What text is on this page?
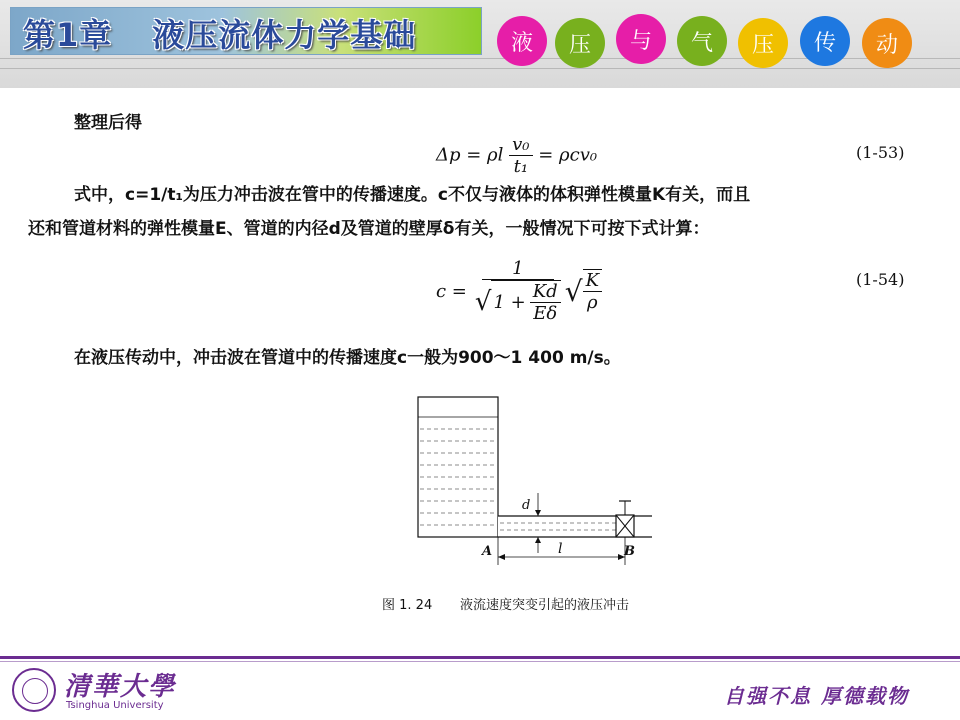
第1章 液压流体力学基础	液 压 与 气 压 传 动
整理后得
Δp = ρl $\frac{\text{v₀}}{\text{t₁}} = \rho cv_0$	(1-53)
式中，c=1/t₁为压力冲击波在管中的传播速度。c不仅与液体的体积弹性模量K有关，而且
还和管道材料的弹性模量E、管道的内径d及管道的壁厚δ有关，一般情况下可按下式计算：
$c = \frac{1}{√ 1 + \frac{Kd}{E\delta}}$ √ $\frac{K}{\rho}$	(1-54)
在液压传动中，冲击波在管道中的传播速度c一般为900～1 400 m/s。
d
l
A	B
图 1. 24 液流速度突变引起的液压冲击
清華大學
Tsinghua University	自强不息 厚德载物
